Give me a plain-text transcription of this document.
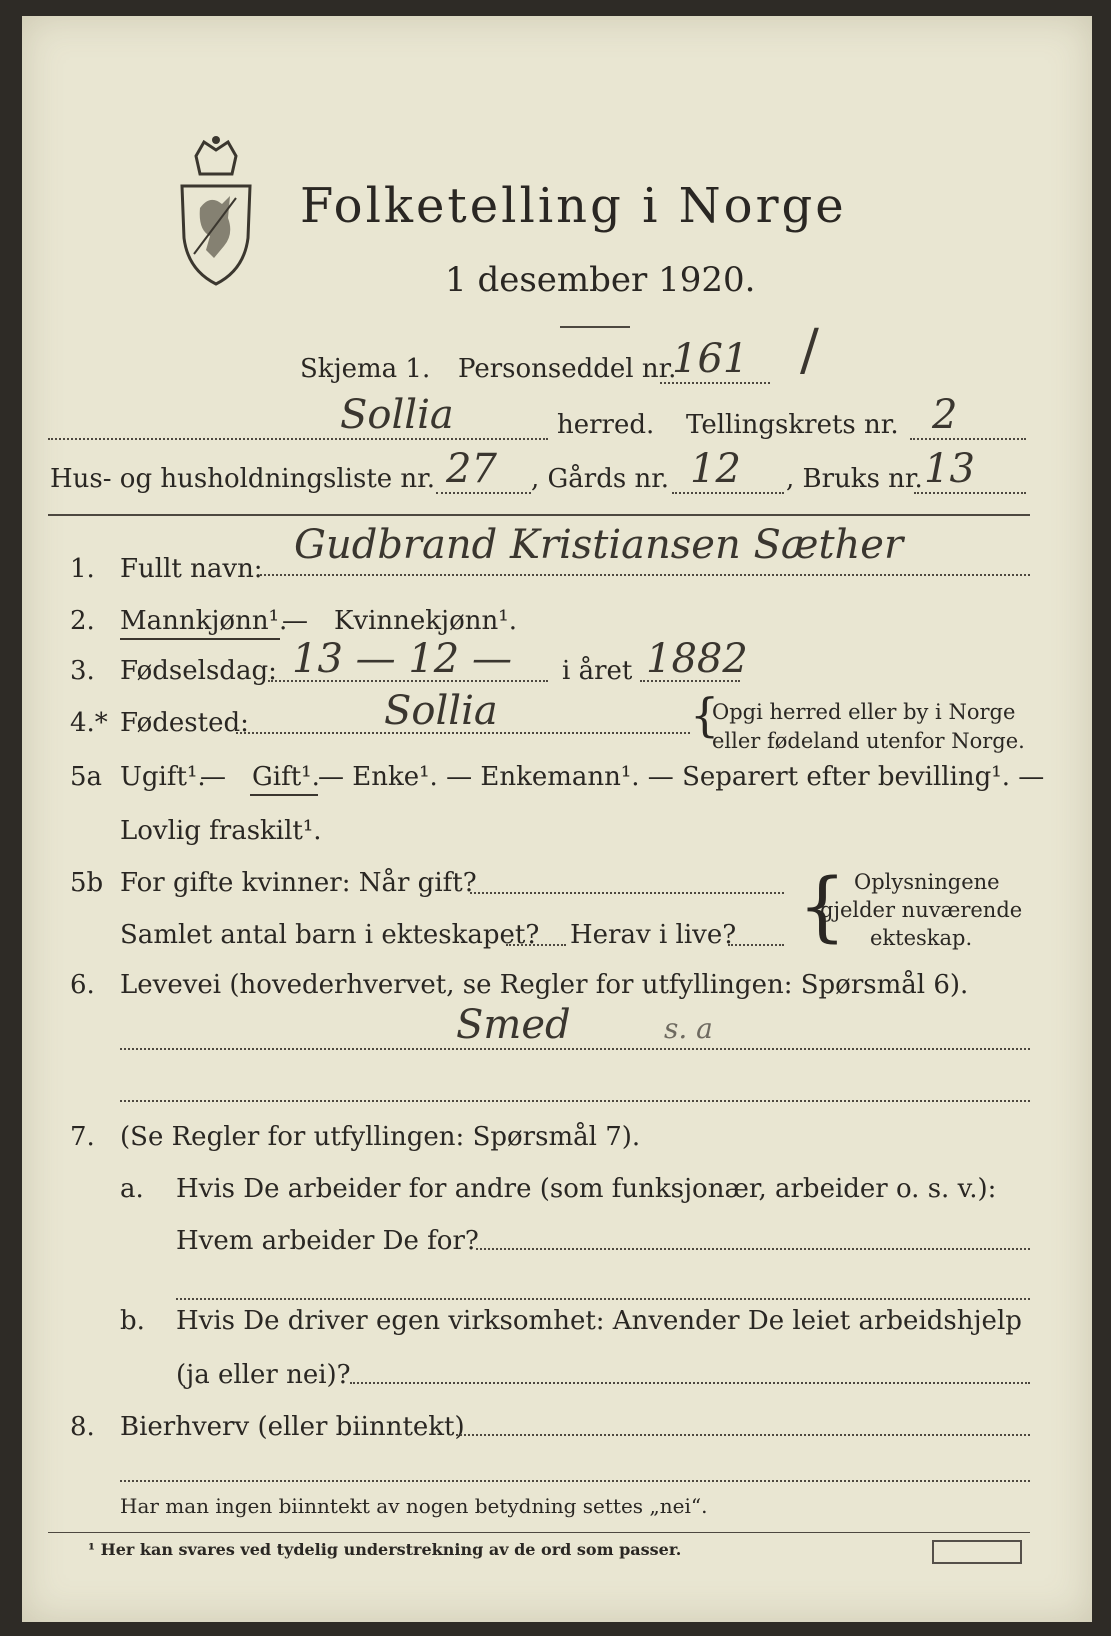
Folketelling i Norge
1 desember 1920.
Skjema 1. Personseddel nr.
161 /
Sollia	herred. Tellingskrets nr. 2
Hus- og husholdningsliste nr. 27 , Gårds nr. 12 , Bruks nr. 13
1. Fullt navn:
Gudbrand Kristiansen Sæther
2. Mannkjønn¹.
— Kvinnekjønn¹.
3. Fødselsdag: 13 — 12 — i året 1882
4.* Fødested:	Sollia	{
Opgi herred eller by i Norge
eller fødeland utenfor Norge.
5a Ugift¹.
— Gift¹.
— Enke¹. — Enkemann¹. — Separert efter bevilling¹. —
Lovlig fraskilt¹.
5b For gifte kvinner: Når gift?
Samlet antal barn i ekteskapet? Herav i live? { Oplysningene
gjelder nuværende
ekteskap.
6. Levevei (hovederhvervet, se Regler for utfyllingen: Spørsmål 6).
Smed	s. a
7. (Se Regler for utfyllingen: Spørsmål 7).
a. Hvis De arbeider for andre (som funksjonær, arbeider o. s. v.):
Hvem arbeider De for?
b. Hvis De driver egen virksomhet: Anvender De leiet arbeidshjelp
(ja eller nei)?
8. Bierhverv (eller biinntekt)
Har man ingen biinntekt av nogen betydning settes „nei“.
¹ Her kan svares ved tydelig understrekning av de ord som passer.
